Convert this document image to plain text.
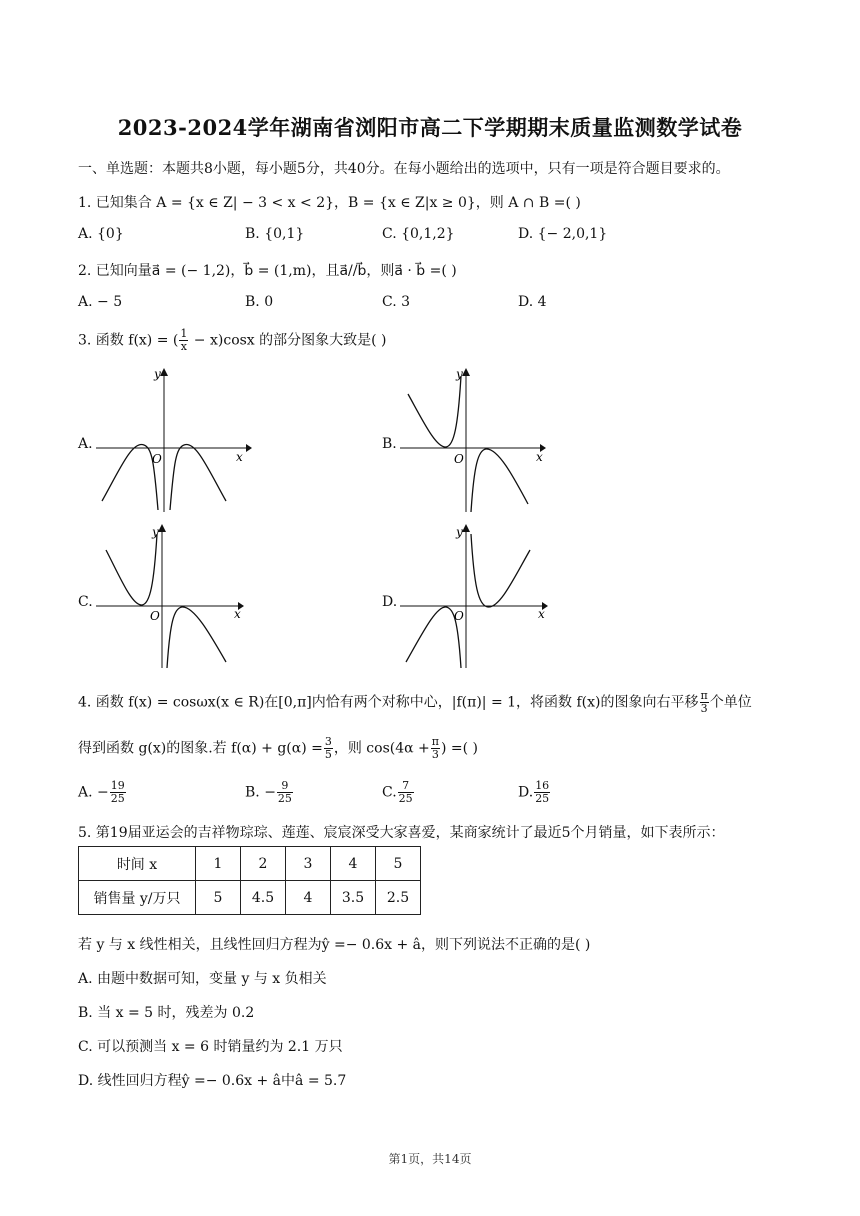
2023-2024学年湖南省浏阳市高二下学期期末质量监测数学试卷
一、单选题：本题共8小题，每小题5分，共40分。在每小题给出的选项中，只有一项是符合题目要求的。
1. 已知集合 A = {x ∈ Z| − 3 < x < 2}，B = {x ∈ Z|x ≥ 0}，则 A ∩ B =( )
A. {0}	B. {0,1}	C. {0,1,2}	D. {− 2,0,1}
2. 已知向量a⃗ = (− 1,2)，b⃗ = (1,m)，且a⃗//b⃗，则a⃗ · b⃗ =( )
A. − 5	B. 0	C. 3	D. 4
3. 函数 f(x) = ( $\frac{1}{x} - x)\cos x$ 的部分图象大致是( )
A.
y
x
O
B.
y
x
O
C.
y
x
O
D.
y
x
O
4. 函数 f(x) = cosωx(x ∈ R)在[0,π]内恰有两个对称中心，|f(π)| = 1，将函数 f(x)的图象向右平移 $\frac{\pi}{3}$ 个单位
得到函数 g(x)的图象.若 $f(\alpha) + g(\alpha) = \frac{3}{5}$ ，则 $\cos(4\alpha + \frac{\pi}{3}$ ) =( )
A. − $\frac{19}{25}$	B. − $\frac{9}{25}$	C. $\frac{7}{25}$	D. $\frac{16}{25}$
5. 第19届亚运会的吉祥物琮琮、莲莲、宸宸深受大家喜爱，某商家统计了最近5个月销量，如下表所示：
时间 x	1	2	3	4	5
销售量 y/万只	5	4.5	4	3.5	2.5
若 y 与 x 线性相关，且线性回归方程为ŷ =− 0.6x + â，则下列说法不正确的是( )
A. 由题中数据可知，变量 y 与 x 负相关
B. 当 x = 5 时，残差为 0.2
C. 可以预测当 x = 6 时销量约为 2.1 万只
D. 线性回归方程ŷ =− 0.6x + â中â = 5.7
第1页，共14页
